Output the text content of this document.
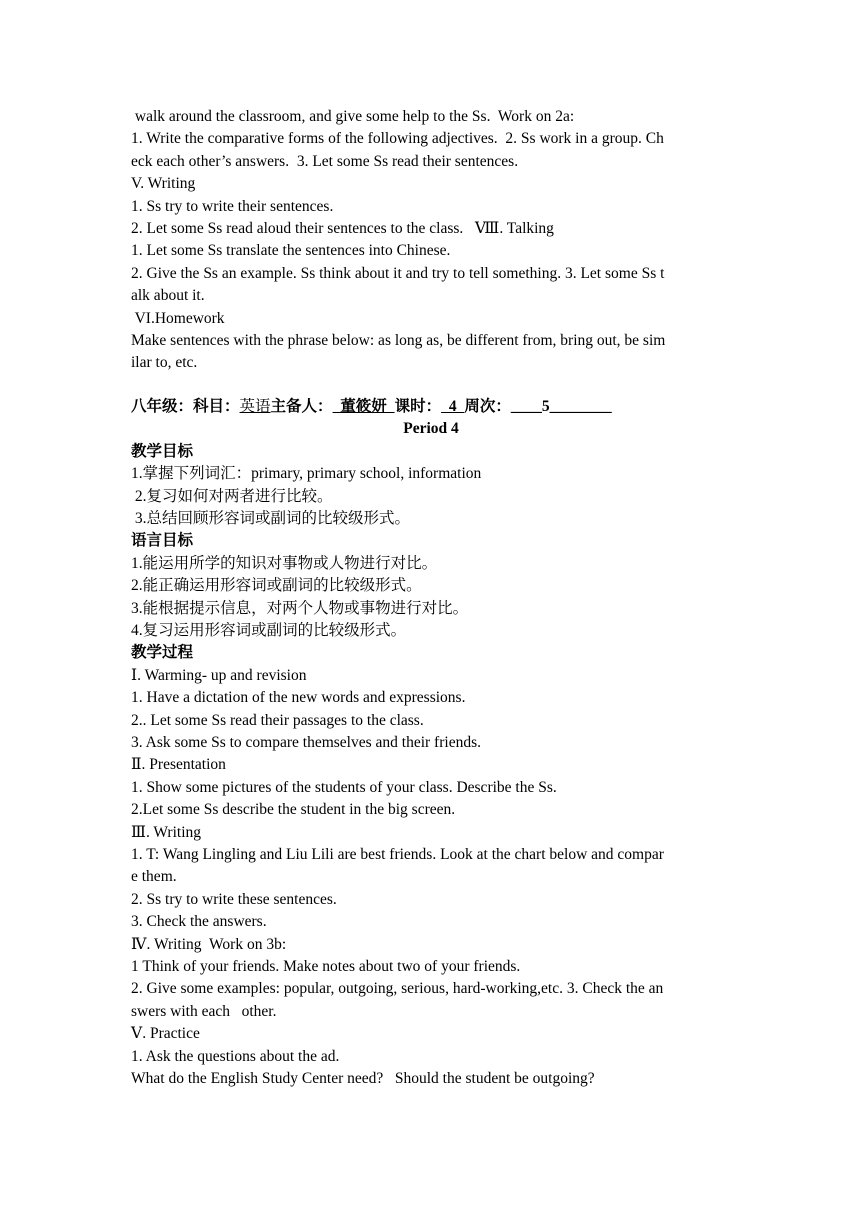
walk around the classroom, and give some help to the Ss.  Work on 2a:

1. Write the comparative forms of the following adjectives.  2. Ss work in a group. Ch

eck each other’s answers.  3. Let some Ss read their sentences.

V. Writing

1. Ss try to write their sentences.

2. Let some Ss read aloud their sentences to the class.   Ⅷ. Talking

1. Let some Ss translate the sentences into Chinese.

2. Give the Ss an example. Ss think about it and try to tell something. 3. Let some Ss t

alk about it.

VI.Homework

Make sentences with the phrase below: as long as, be different from, bring out, be sim

ilar to, etc.

八年级：科目：英语主备人：  董筱妍  课时：  4  周次：____5________

Period 4

教学目标

1.掌握下列词汇：primary, primary school, information

2.复习如何对两者进行比较。

3.总结回顾形容词或副词的比较级形式。

语言目标

1.能运用所学的知识对事物或人物进行对比。

2.能正确运用形容词或副词的比较级形式。

3.能根据提示信息，对两个人物或事物进行对比。

4.复习运用形容词或副词的比较级形式。

教学过程

Ⅰ. Warming- up and revision

1. Have a dictation of the new words and expressions.

2.. Let some Ss read their passages to the class.

3. Ask some Ss to compare themselves and their friends.

Ⅱ. Presentation

1. Show some pictures of the students of your class. Describe the Ss.

2.Let some Ss describe the student in the big screen.

Ⅲ. Writing

1. T: Wang Lingling and Liu Lili are best friends. Look at the chart below and compar

e them.

2. Ss try to write these sentences.

3. Check the answers.

Ⅳ. Writing  Work on 3b:

1 Think of your friends. Make notes about two of your friends.

2. Give some examples: popular, outgoing, serious, hard-working,etc. 3. Check the an

swers with each   other.

Ⅴ. Practice

1. Ask the questions about the ad.

What do the English Study Center need?   Should the student be outgoing?
